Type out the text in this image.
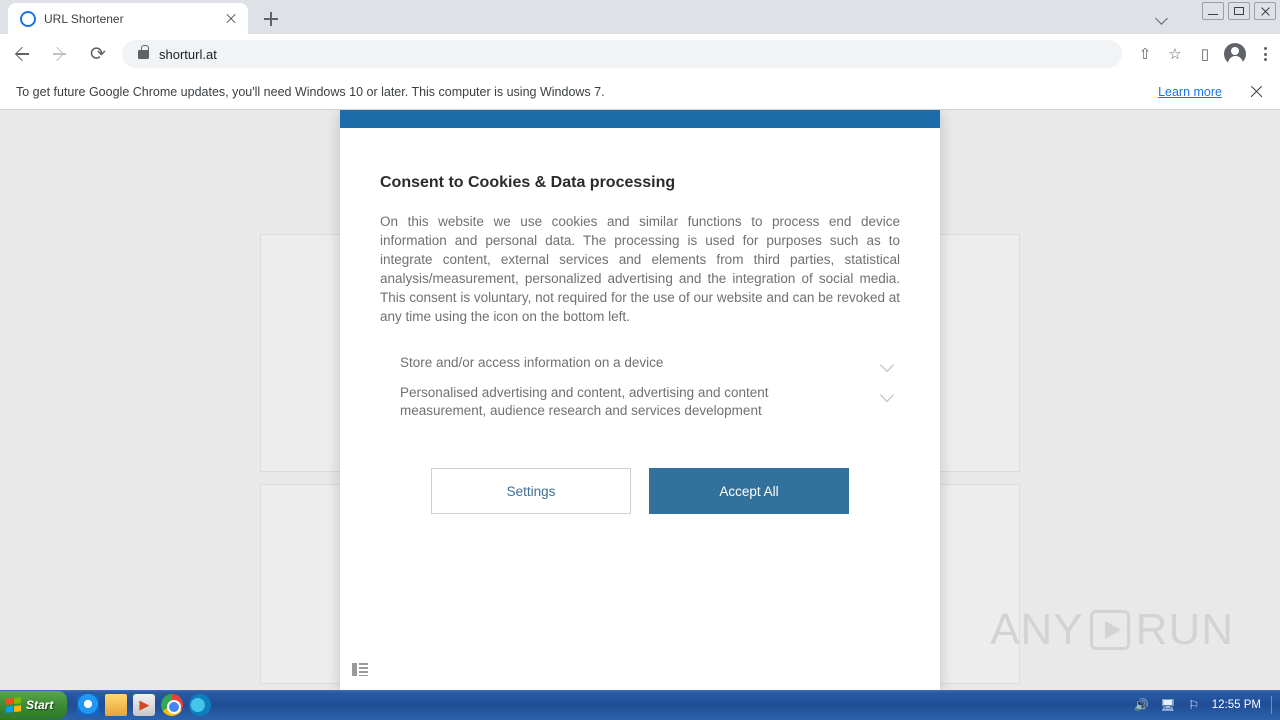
URL Shortener
⟳	shorturl.at	⇧	☆	▯
To get future Google Chrome updates, you'll need Windows 10 or later. This computer is using Windows 7.	Learn more
ANY RUN
Consent to Cookies & Data processing
On this website we use cookies and similar functions to process end device information and personal data. The processing is used for purposes such as to integrate content, external services and elements from third parties, statistical analysis/measurement, personalized advertising and the integration of social media. This consent is voluntary, not required for the use of our website and can be revoked at any time using the icon on the bottom left.
Store and/or access information on a device
Personalised advertising and content, advertising and content measurement, audience research and services development
Settings	Accept All
Start	▶	🔊 🖥 ⚐ 12:55 PM
